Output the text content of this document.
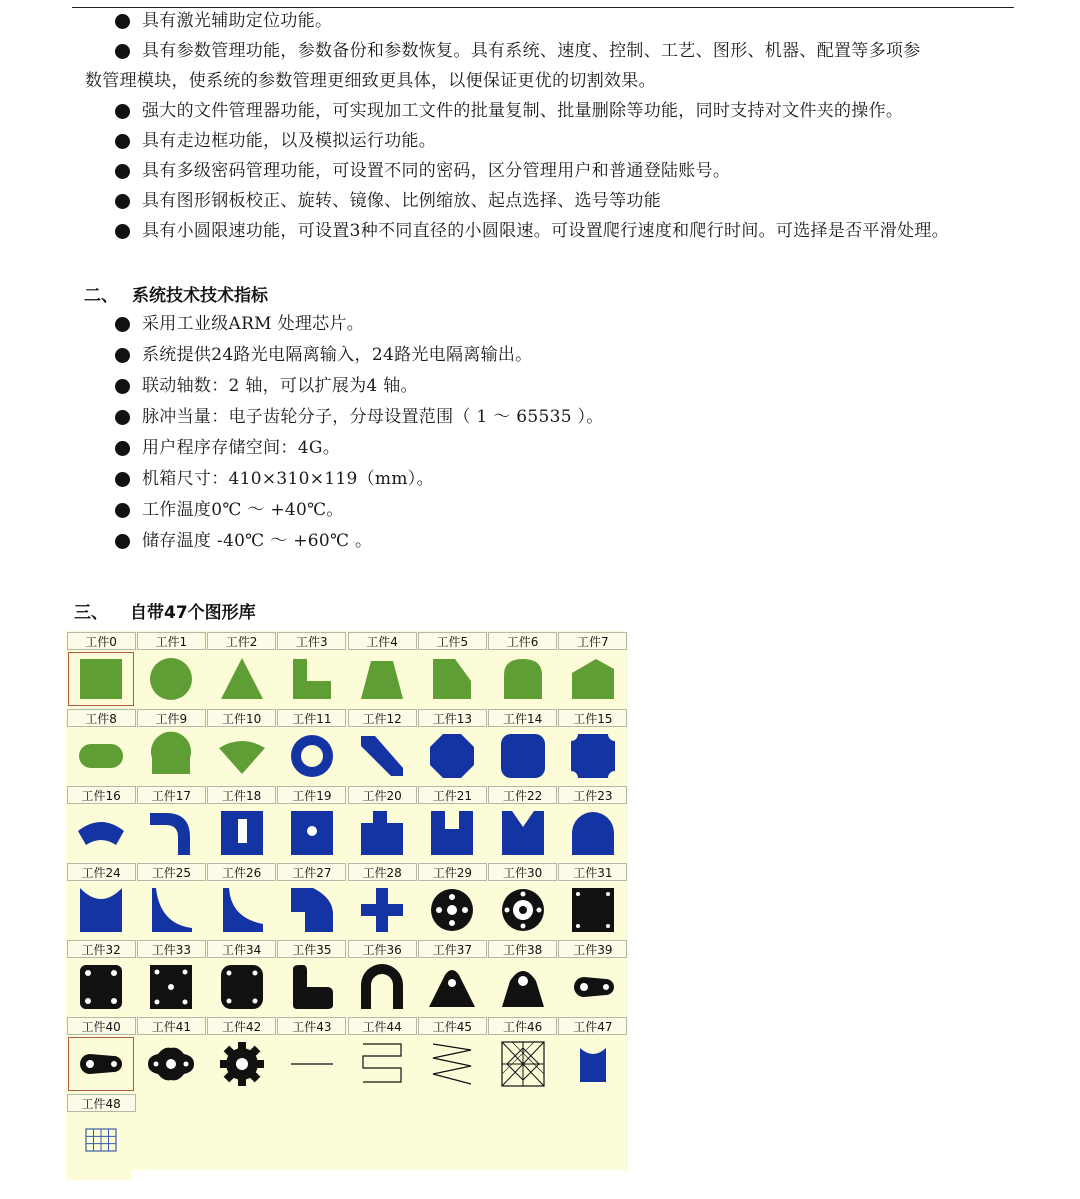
具有激光辅助定位功能。
具有参数管理功能，参数备份和参数恢复。具有系统、速度、控制、工艺、图形、机器、配置等多项参
数管理模块，使系统的参数管理更细致更具体，以便保证更优的切割效果。
强大的文件管理器功能，可实现加工文件的批量复制、批量删除等功能，同时支持对文件夹的操作。
具有走边框功能，以及模拟运行功能。
具有多级密码管理功能，可设置不同的密码，区分管理用户和普通登陆账号。
具有图形钢板校正、旋转、镜像、比例缩放、起点选择、选号等功能
具有小圆限速功能，可设置3种不同直径的小圆限速。可设置爬行速度和爬行时间。可选择是否平滑处理。
二、 系统技术技术指标
采用工业级ARM 处理芯片。
系统提供24路光电隔离输入，24路光电隔离输出。
联动轴数：2 轴，可以扩展为4 轴。
脉冲当量：电子齿轮分子，分母设置范围（ 1 ～ 65535 ）。
用户程序存储空间：4G。
机箱尺寸：410×310×119（mm）。
工作温度0℃ ～ +40℃。
储存温度 -40℃ ～ +60℃ 。
三、 自带47个图形库
工件0	工件1	工件2	工件3	工件4	工件5	工件6	工件7
工件8	工件9	工件10	工件11	工件12	工件13	工件14	工件15
工件16	工件17	工件18	工件19	工件20	工件21	工件22	工件23
工件24	工件25	工件26	工件27	工件28	工件29	工件30	工件31
工件32	工件33	工件34	工件35	工件36	工件37	工件38	工件39
工件40	工件41	工件42	工件43	工件44	工件45	工件46	工件47
工件48
